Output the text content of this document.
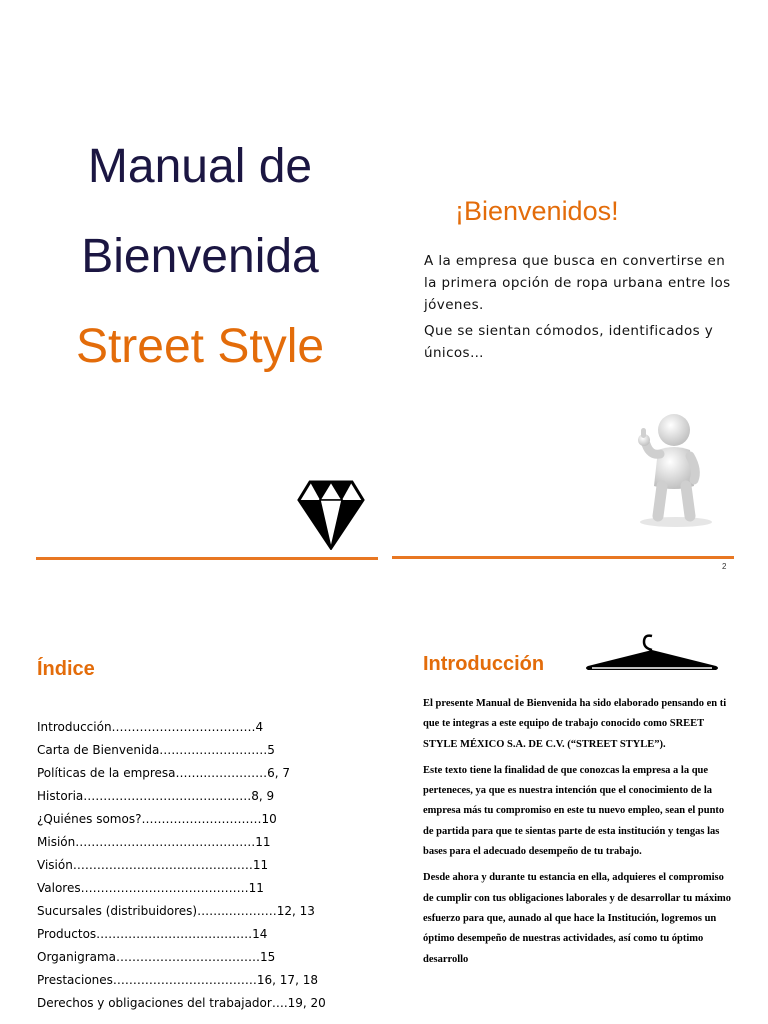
Manual de
Bienvenida
Street Style
¡Bienvenidos!

A la empresa que busca en convertirse en la primera opción de ropa urbana entre los jóvenes.

Que se sientan cómodos, identificados y únicos…

2
Índice
Introducción………………………………4
Carta de Bienvenida………………………5
Políticas de la empresa……..……………6, 7
Historia……………………………………8, 9
¿Quiénes somos?…………………………10
Misión………………………………………11
Visión………………………………………11
Valores……………………………………11
Sucursales (distribuidores)……..…………12, 13
Productos…………………………………14
Organigrama………………………………15
Prestaciones………………………………16, 17, 18
Derechos y obligaciones del trabajador….19, 20
Introducción

El presente Manual de Bienvenida ha sido elaborado pensando en ti que te integras a este equipo de trabajo conocido como SREET STYLE MÉXICO S.A. DE C.V. (“STREET STYLE”).

Este texto tiene la finalidad de que conozcas la empresa a la que perteneces, ya que es nuestra intención que el conocimiento de la empresa más tu compromiso en este tu nuevo empleo, sean el punto de partida para que te sientas parte de esta institución y tengas las bases para el adecuado desempeño de tu trabajo.

Desde ahora y durante tu estancia en ella, adquieres el compromiso de cumplir con tus obligaciones laborales y de desarrollar tu máximo esfuerzo para que, aunado al que hace la Institución, logremos un óptimo desempeño de nuestras actividades, así como tu óptimo desarrollo
